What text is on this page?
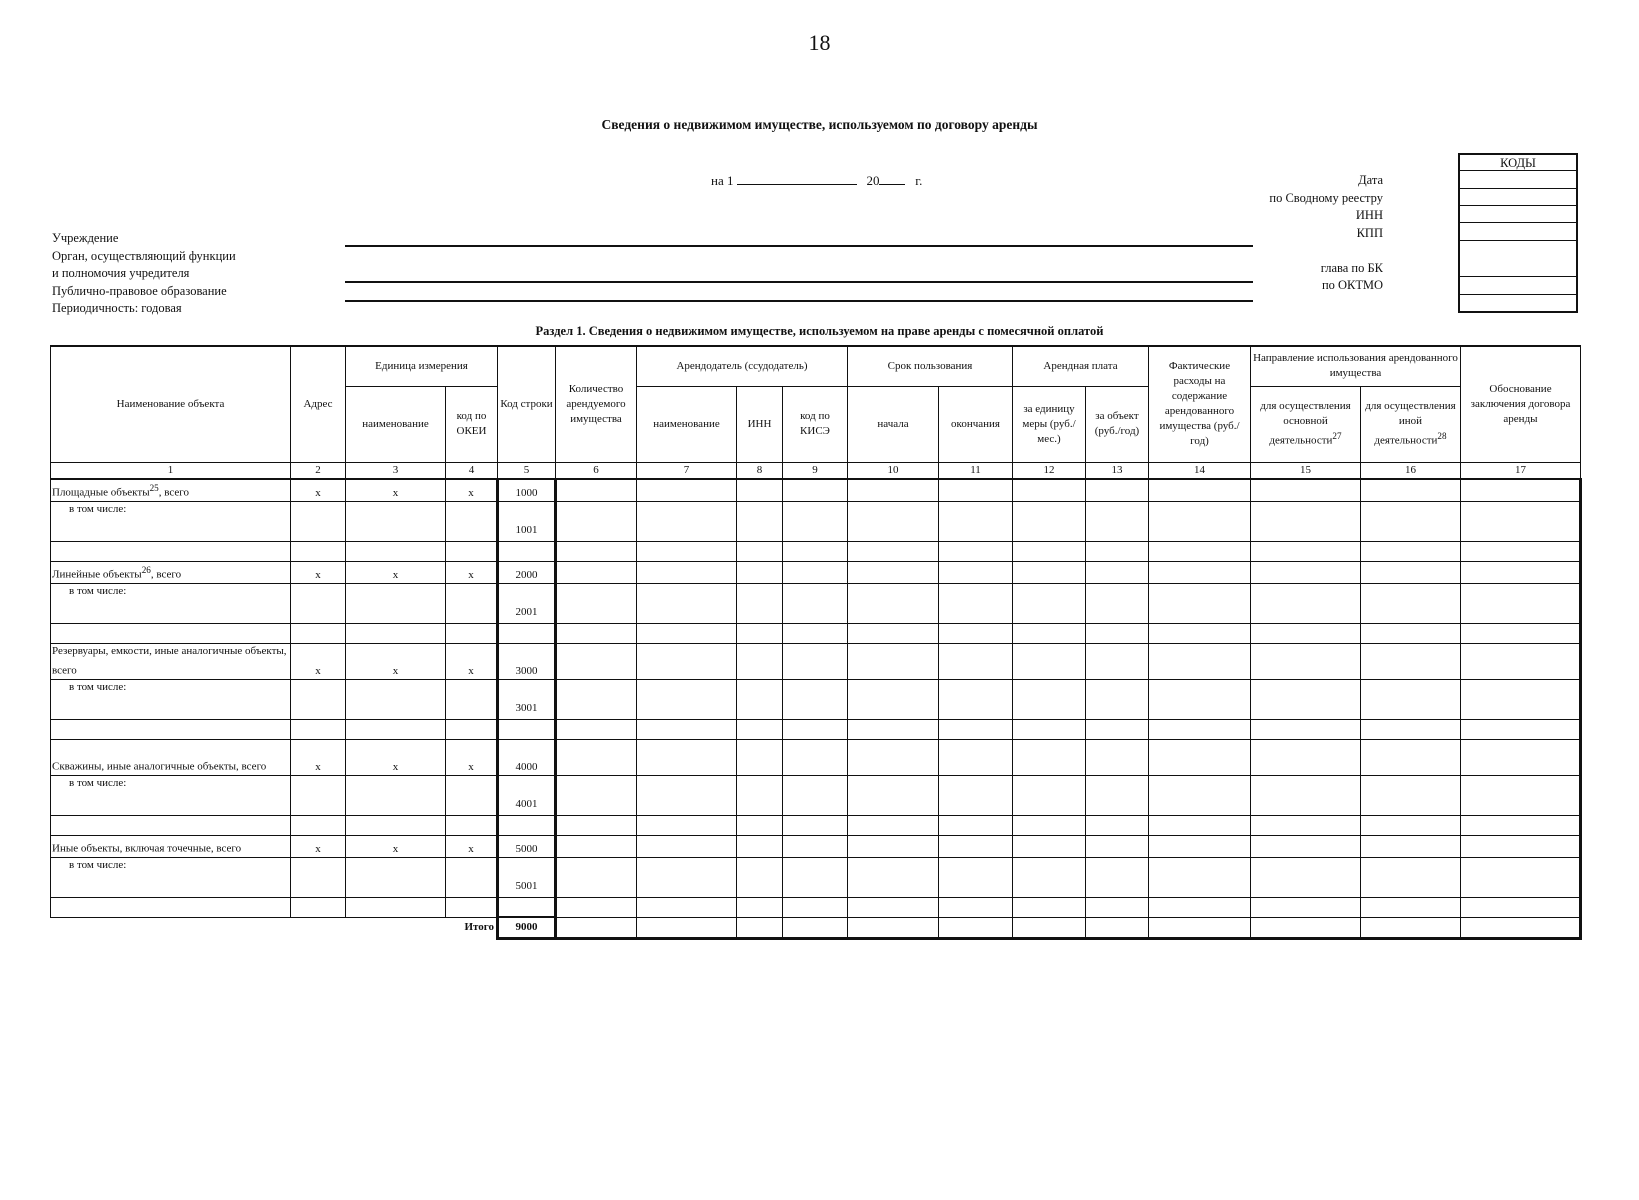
18
Сведения о недвижимом имуществе, используемом по договору аренды
на 1	20	г.
Учреждение
Орган, осуществляющий функции
и полномочия учредителя
Публично-правовое образование
Периодичность: годовая
Дата
по Сводному реестру
ИНН
КПП

глава по БК
по ОКТМО
КОДЫ
Раздел 1. Сведения о недвижимом имуществе, используемом на праве аренды с помесячной оплатой
Наименование объекта	Адрес	Единица измерения		Код строки	Количество арендуемого имущества	Арендодатель (ссудодатель)			Срок пользования		Арендная плата		Фактические расходы на содержание арендованного имущества (руб./год)	Направление использования арендованного имущества		Обоснование заключения договора аренды
		наименование	код по ОКЕИ			наименование	ИНН	код по КИСЭ	начала	окончания	за единицу меры (руб./мес.)	за объект (руб./год)		для осуществления основной деятельности$^{27}$	для осуществления иной деятельности$^{28}$
1	2	3	4	5	6	7	8	9	10	11	12	13	14	15	16	17
Площадные объекты$^{25}$, всего	x	x	x	1000												
в том числе:				1001												

Линейные объекты$^{26}$, всего	x	x	x	2000												
в том числе:				2001												

Резервуары, емкости, иные аналогичные объекты, всего	x	x	x	3000												
в том числе:				3001												

Скважины, иные аналогичные объекты, всего	x	x	x	4000												
в том числе:				4001												

Иные объекты, включая точечные, всего	x	x	x	5000												
в том числе:				5001												

Итого				9000												
